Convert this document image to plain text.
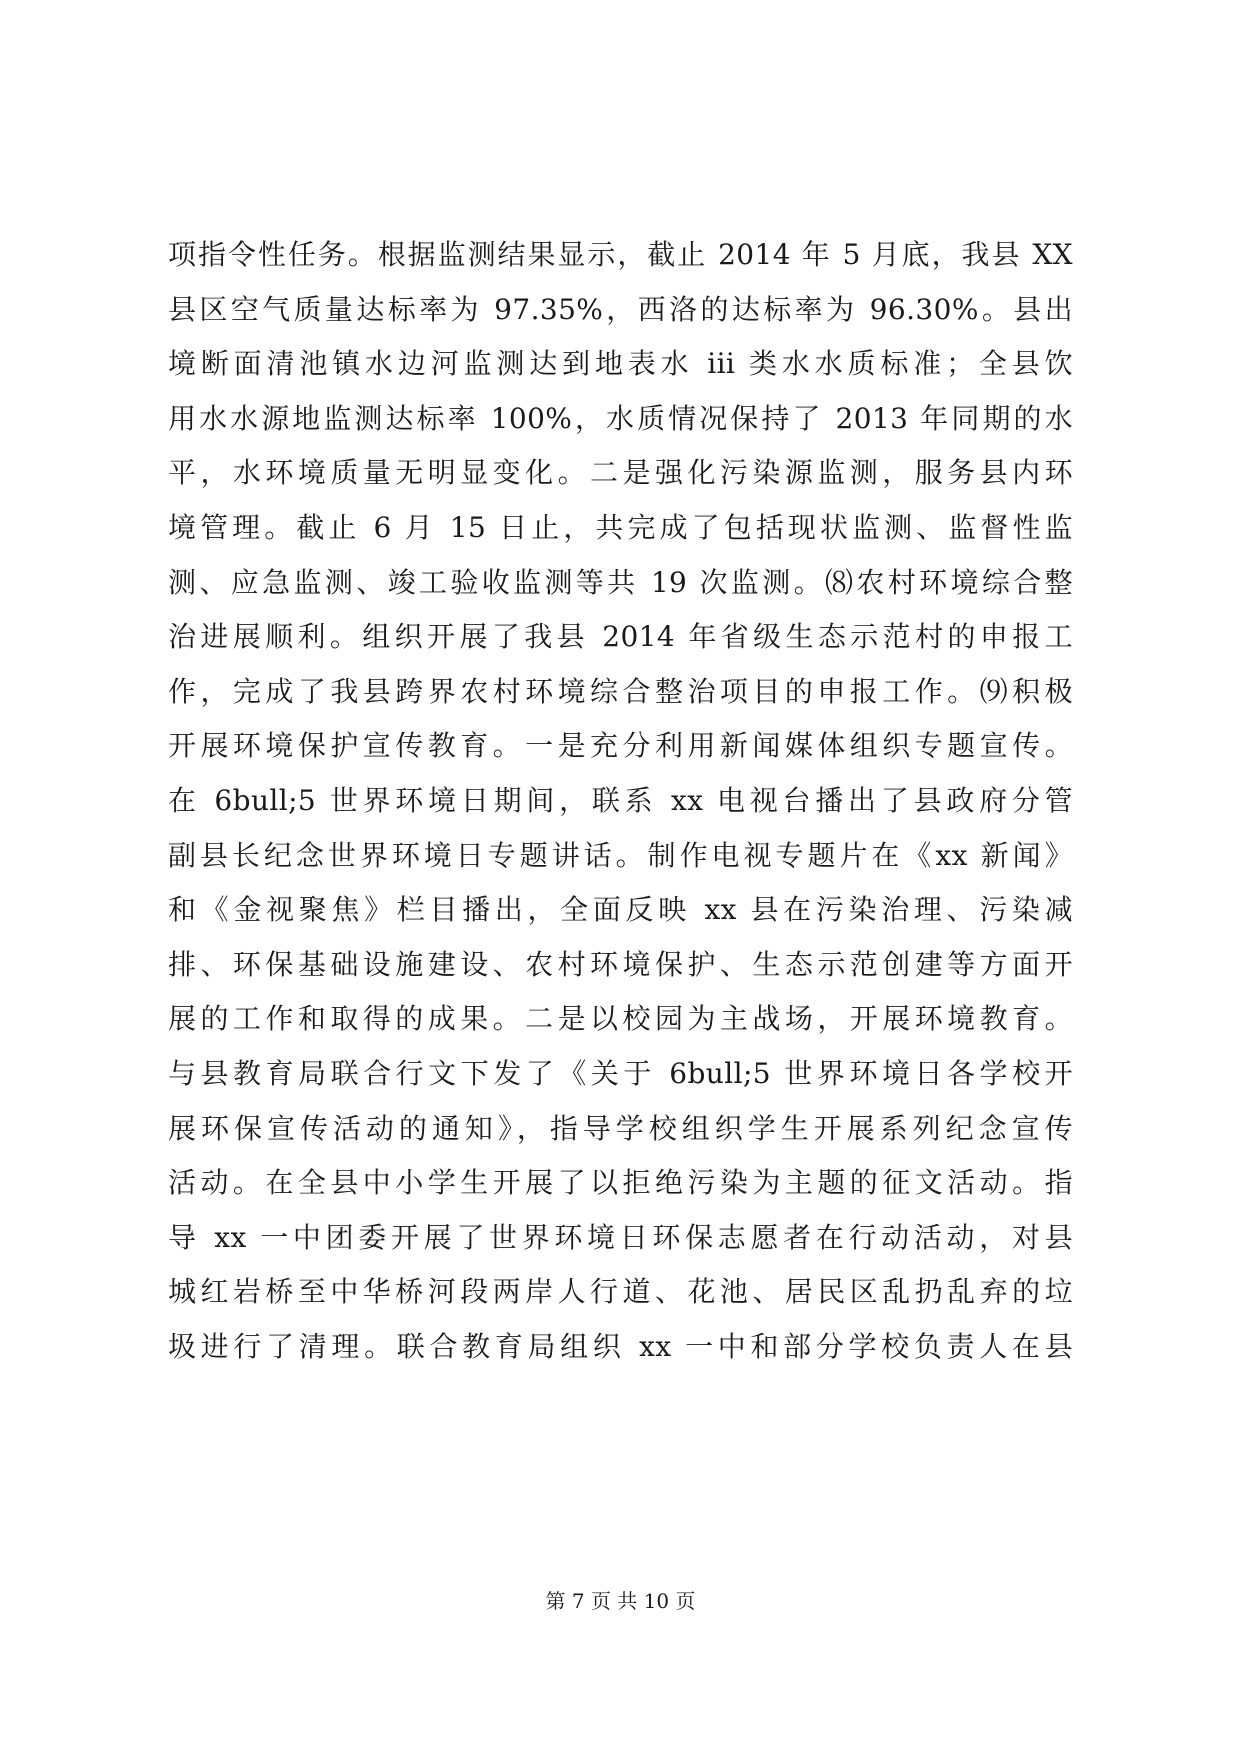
项指令性任务。根据监测结果显示，截止 2014 年 5 月底，我县 XX
县区空气质量达标率为 97.35%，西洛的达标率为 96.30%。县出
境断面清池镇水边河监测达到地表水 iii 类水水质标准；全县饮
用水水源地监测达标率 100%，水质情况保持了 2013 年同期的水
平，水环境质量无明显变化。二是强化污染源监测，服务县内环
境管理。截止 6 月 15 日止，共完成了包括现状监测、监督性监
测、应急监测、竣工验收监测等共 19 次监测。⑻农村环境综合整
治进展顺利。组织开展了我县 2014 年省级生态示范村的申报工
作，完成了我县跨界农村环境综合整治项目的申报工作。⑼积极
开展环境保护宣传教育。一是充分利用新闻媒体组织专题宣传。
在 6bull;5 世界环境日期间，联系 xx 电视台播出了县政府分管
副县长纪念世界环境日专题讲话。制作电视专题片在《xx 新闻》
和《金视聚焦》栏目播出，全面反映 xx 县在污染治理、污染减
排、环保基础设施建设、农村环境保护、生态示范创建等方面开
展的工作和取得的成果。二是以校园为主战场，开展环境教育。
与县教育局联合行文下发了《关于 6bull;5 世界环境日各学校开
展环保宣传活动的通知》，指导学校组织学生开展系列纪念宣传
活动。在全县中小学生开展了以拒绝污染为主题的征文活动。指
导 xx 一中团委开展了世界环境日环保志愿者在行动活动，对县
城红岩桥至中华桥河段两岸人行道、花池、居民区乱扔乱弃的垃
圾进行了清理。联合教育局组织 xx 一中和部分学校负责人在县
第 7 页 共 10 页
